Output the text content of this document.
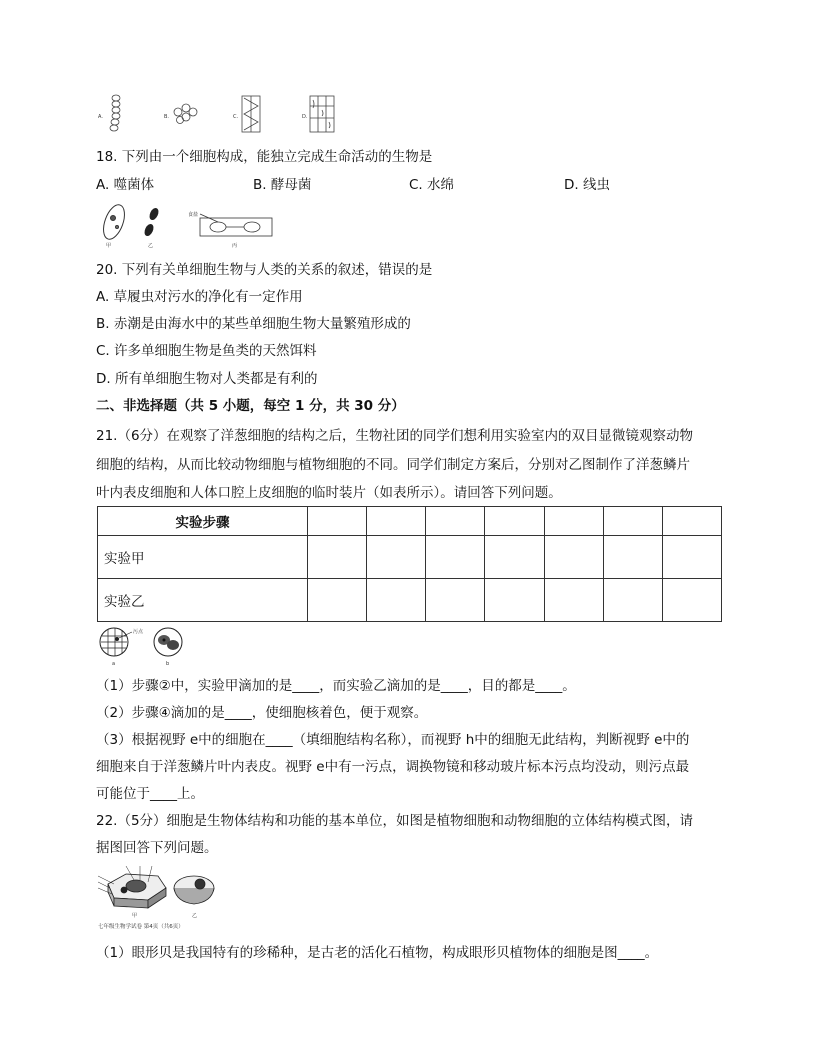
A.	B.	C.	D.
18. 下列由一个细胞构成，能独立完成生命活动的生物是
A. 噬菌体	B. 酵母菌	C. 水绵	D. 线虫
甲	乙
食盐
丙
20. 下列有关单细胞生物与人类的关系的叙述，错误的是
A. 草履虫对污水的净化有一定作用
B. 赤潮是由海水中的某些单细胞生物大量繁殖形成的
C. 许多单细胞生物是鱼类的天然饵料
D. 所有单细胞生物对人类都是有利的
二、非选择题（共 5 小题，每空 1 分，共 30 分）
21.（6分）在观察了洋葱细胞的结构之后，生物社团的同学们想利用实验室内的双目显微镜观察动物
细胞的结构，从而比较动物细胞与植物细胞的不同。同学们制定方案后，分别对乙图制作了洋葱鳞片
叶内表皮细胞和人体口腔上皮细胞的临时装片（如表所示）。请回答下列问题。
实验步骤							
实验甲							
实验乙							
污点
a	b
（1）步骤②中，实验甲滴加的是____，而实验乙滴加的是____，目的都是____。
（2）步骤④滴加的是____，使细胞核着色，便于观察。
（3）根据视野 e中的细胞在____（填细胞结构名称），而视野 h中的细胞无此结构，判断视野 e中的
细胞来自于洋葱鳞片叶内表皮。视野 e中有一污点，调换物镜和移动玻片标本污点均没动，则污点最
可能位于____上。
22.（5分）细胞是生物体结构和功能的基本单位，如图是植物细胞和动物细胞的立体结构模式图，请
据图回答下列问题。
甲	乙
七年级生物学试卷 第4页（共6页）
（1）眼形贝是我国特有的珍稀种，是古老的活化石植物，构成眼形贝植物体的细胞是图____。
